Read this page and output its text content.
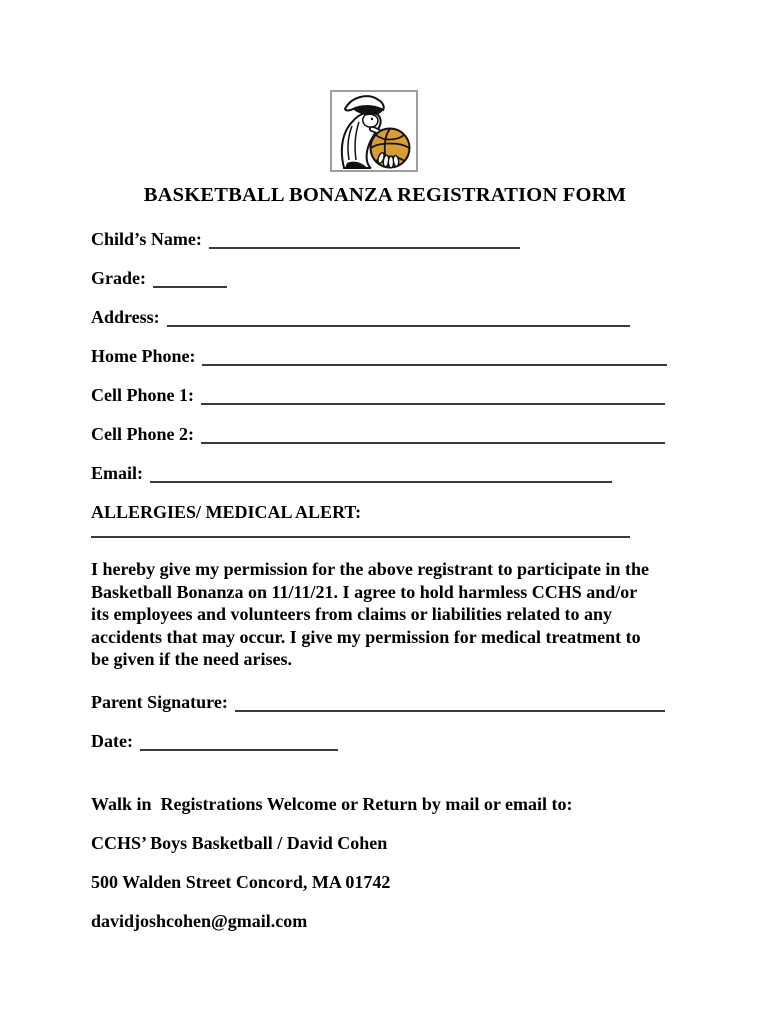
BASKETBALL BONANZA REGISTRATION FORM
Child’s Name:
Grade:
Address:
Home Phone:
Cell Phone 1:
Cell Phone 2:
Email:
ALLERGIES/ MEDICAL ALERT:
I hereby give my permission for the above registrant to participate in the
Basketball Bonanza on 11/11/21. I agree to hold harmless CCHS and/or
its employees and volunteers from claims or liabilities related to any
accidents that may occur. I give my permission for medical treatment to
be given if the need arises.
Parent Signature:
Date:
Walk in  Registrations Welcome or Return by mail or email to:
CCHS’ Boys Basketball / David Cohen
500 Walden Street Concord, MA 01742
davidjoshcohen@gmail.com
